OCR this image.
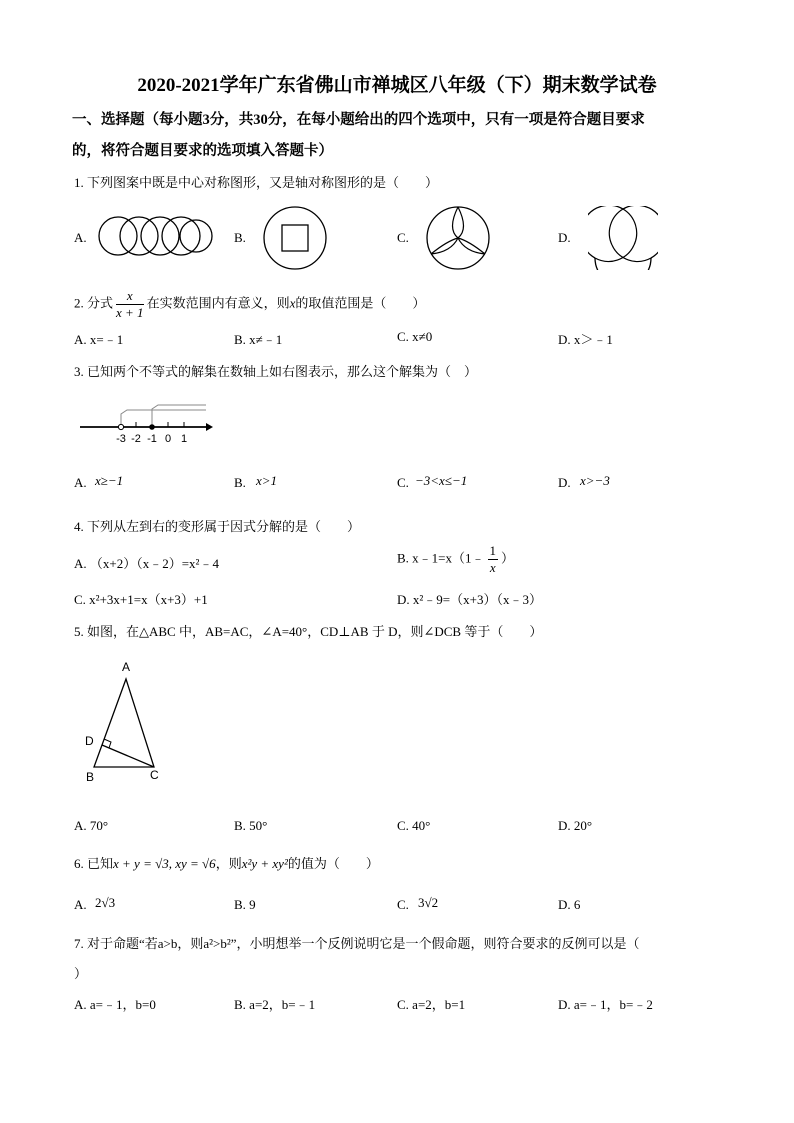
2020-2021学年广东省佛山市禅城区八年级（下）期末数学试卷
一、选择题（每小题3分，共30分，在每小题给出的四个选项中，只有一项是符合题目要求
的，将符合题目要求的选项填入答题卡）
1. 下列图案中既是中心对称图形，又是轴对称图形的是（　　）
A.	B.	C.	D.
2. 分式 $\frac{x}{x + 1}$ 在实数范围内有意义，则x的取值范围是（　　）
A. x=﹣1	B. x≠﹣1	C. x≠0	D. x＞﹣1
3. 已知两个不等式的解集在数轴上如右图表示，那么这个解集为（　）
-3 -2 -1 0 1
A. x≥−1	B. x>1	C. −3<x≤−1	D. x>−3
4. 下列从左到右的变形属于因式分解的是（　　）
A. （x+2）（x﹣2）=x²﹣4	B. x﹣1=x（1﹣ $\frac{1}{x}$ ）
C. x²+3x+1=x（x+3）+1	D. x²﹣9=（x+3）（x﹣3）
5. 如图，在△ABC 中，AB=AC，∠A=40°，CD⊥AB 于 D，则∠DCB 等于（　　）
A
B	C
D
A. 70°	B. 50°	C. 40°	D. 20°
6. 已知x + y = √3, xy = √6，则x²y + xy²的值为（　　）
A. 2√3	B. 9	C. 3√2	D. 6
7. 对于命题“若a>b，则a²>b²”，小明想举一个反例说明它是一个假命题，则符合要求的反例可以是（
）
A. a=﹣1，b=0	B. a=2，b=﹣1	C. a=2，b=1	D. a=﹣1，b=﹣2
